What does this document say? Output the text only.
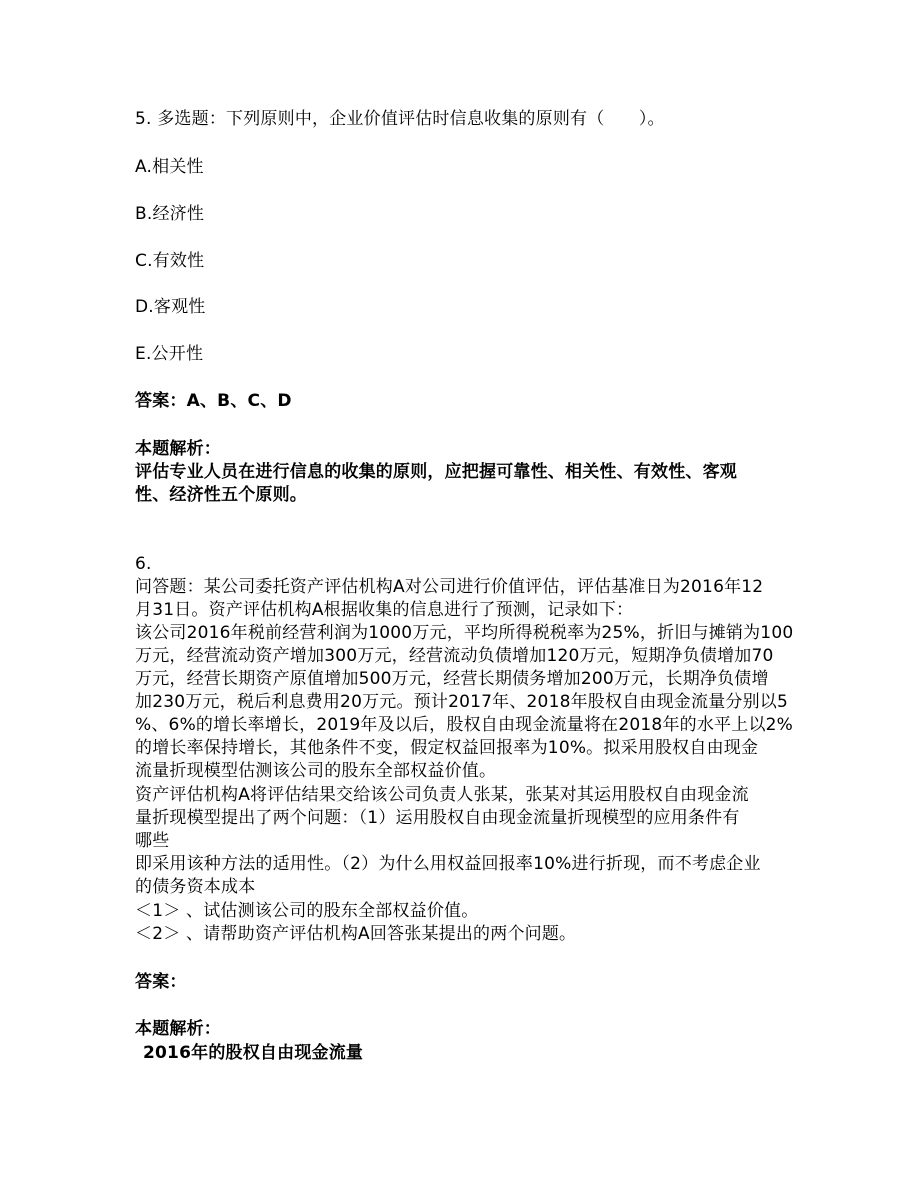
5. 多选题：下列原则中，企业价值评估时信息收集的原则有（　　）。
A.相关性
B.经济性
C.有效性
D.客观性
E.公开性
答案：A、B、C、D
本题解析：
评估专业人员在进行信息的收集的原则，应把握可靠性、相关性、有效性、客观
性、经济性五个原则。
6.
问答题：某公司委托资产评估机构A对公司进行价值评估，评估基准日为2016年12
月31日。资产评估机构A根据收集的信息进行了预测，记录如下：
该公司2016年税前经营利润为1000万元，平均所得税税率为25%，折旧与摊销为100
万元，经营流动资产增加300万元，经营流动负债增加120万元，短期净负债增加70
万元，经营长期资产原值增加500万元，经营长期债务增加200万元，长期净负债增
加230万元，税后利息费用20万元。预计2017年、2018年股权自由现金流量分别以5
%、6%的增长率增长，2019年及以后，股权自由现金流量将在2018年的水平上以2%
的增长率保持增长，其他条件不变，假定权益回报率为10%。拟采用股权自由现金
流量折现模型估测该公司的股东全部权益价值。
资产评估机构A将评估结果交给该公司负责人张某，张某对其运用股权自由现金流
量折现模型提出了两个问题：（1）运用股权自由现金流量折现模型的应用条件有
哪些
即采用该种方法的适用性。（2）为什么用权益回报率10%进行折现，而不考虑企业
的债务资本成本
＜1＞ 、试估测该公司的股东全部权益价值。
＜2＞ 、请帮助资产评估机构A回答张某提出的两个问题。
答案：
本题解析：
2016年的股权自由现金流量
